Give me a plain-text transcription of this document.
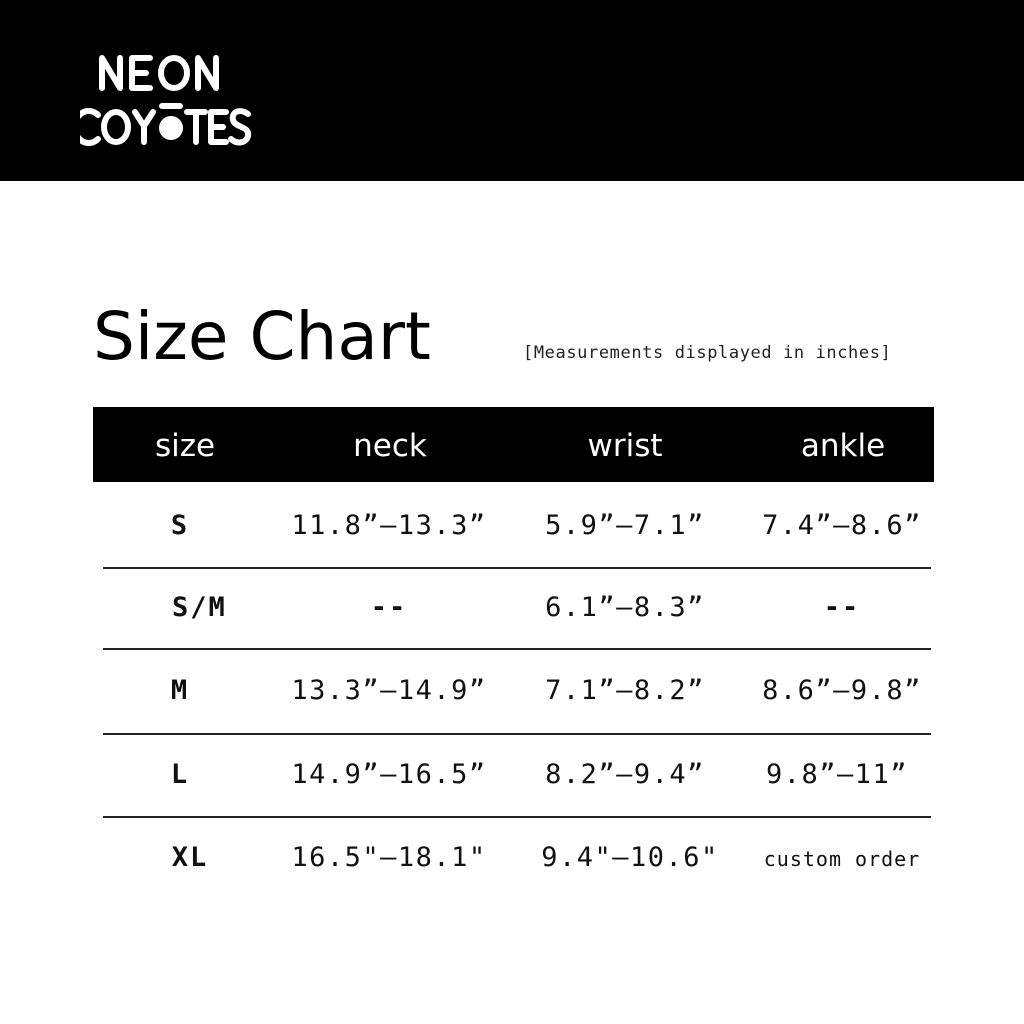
Size Chart	[Measurements displayed in inches]
size	neck	wrist	ankle
S	11.8”–13.3”	5.9”–7.1”	7.4”–8.6”
S/M	--	6.1”–8.3”	--
M	13.3”–14.9”	7.1”–8.2”	8.6”–9.8”
L	14.9”–16.5”	8.2”–9.4”	9.8”–11”
XL	16.5"–18.1"	9.4"–10.6"	custom order
